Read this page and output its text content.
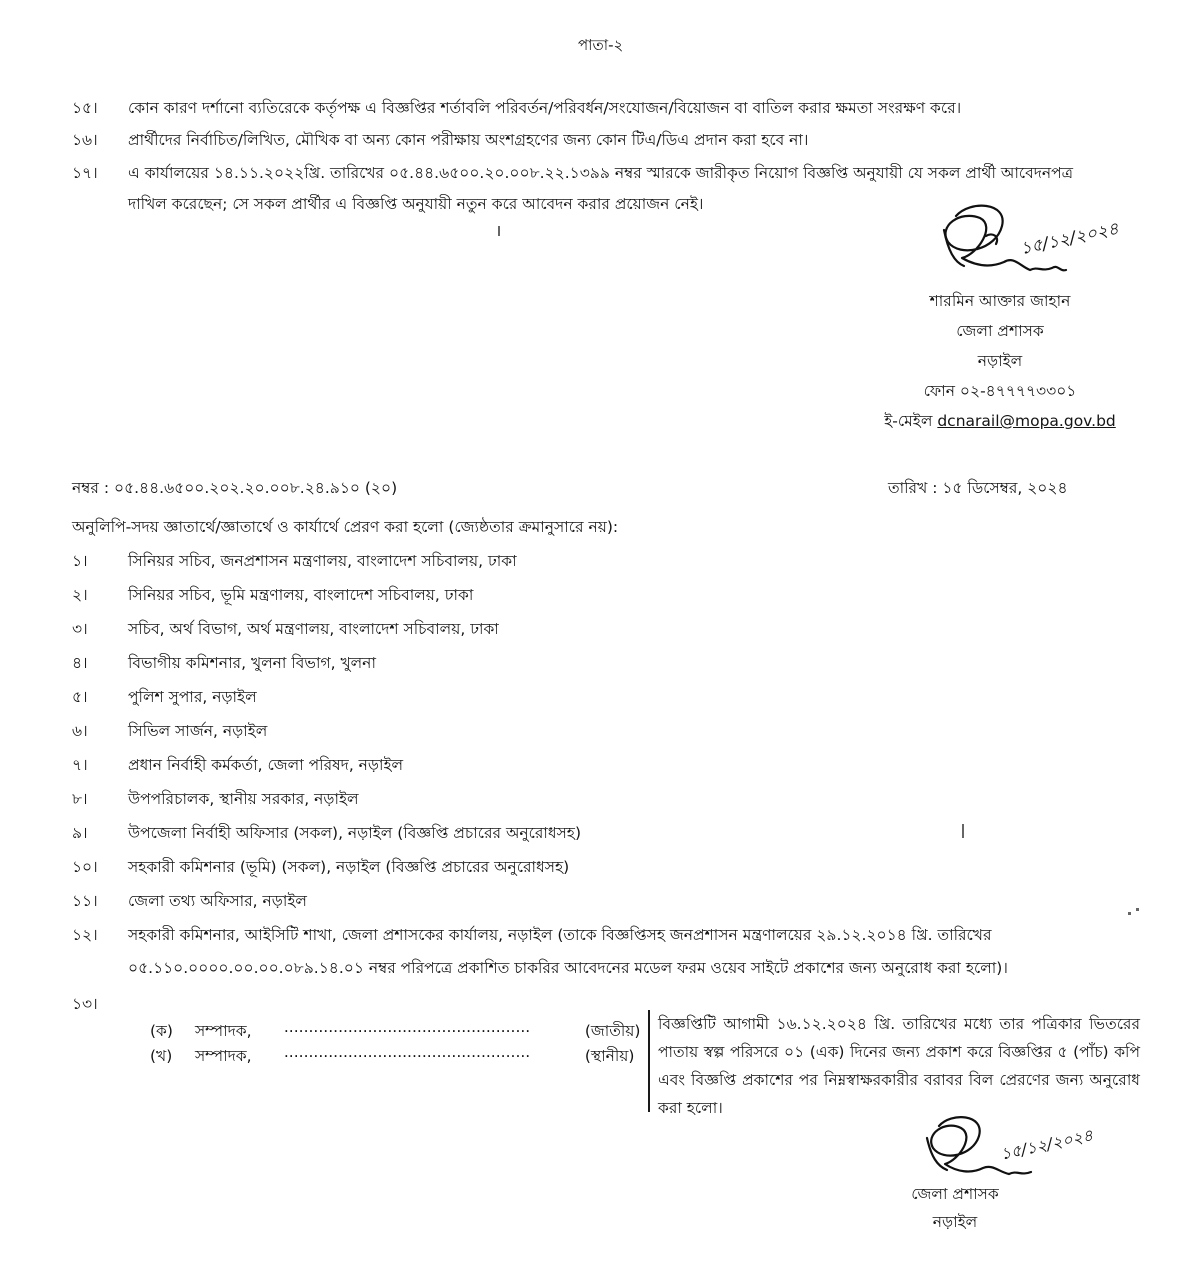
পাতা-২
১৫। কোন কারণ দর্শানো ব্যতিরেকে কর্তৃপক্ষ এ বিজ্ঞপ্তির শর্তাবলি পরিবর্তন/পরিবর্ধন/সংযোজন/বিয়োজন বা বাতিল করার ক্ষমতা সংরক্ষণ করে।
১৬। প্রার্থীদের নির্বাচিত/লিখিত, মৌখিক বা অন্য কোন পরীক্ষায় অংশগ্রহণের জন্য কোন টিএ/ডিএ প্রদান করা হবে না।
১৭। এ কার্যালয়ের ১৪.১১.২০২২খ্রি. তারিখের ০৫.৪৪.৬৫০০.২০.০০৮.২২.১৩৯৯ নম্বর স্মারকে জারীকৃত নিয়োগ বিজ্ঞপ্তি অনুযায়ী যে সকল প্রার্থী আবেদনপত্র
দাখিল করেছেন; সে সকল প্রার্থীর এ বিজ্ঞপ্তি অনুযায়ী নতুন করে আবেদন করার প্রয়োজন নেই।
১৫/১২/২০২৪
শারমিন আক্তার জাহান
জেলা প্রশাসক
নড়াইল
ফোন ০২-৪৭৭৭৭৩৩০১
ই-মেইল dcnarail@mopa.gov.bd
নম্বর : ০৫.৪৪.৬৫০০.২০২.২০.০০৮.২৪.৯১০ (২০)	তারিখ : ১৫ ডিসেম্বর, ২০২৪
অনুলিপি-সদয় জ্ঞাতার্থে/জ্ঞাতার্থে ও কার্যার্থে প্রেরণ করা হলো (জ্যেষ্ঠতার ক্রমানুসারে নয়):
১।	সিনিয়র সচিব, জনপ্রশাসন মন্ত্রণালয়, বাংলাদেশ সচিবালয়, ঢাকা
২।	সিনিয়র সচিব, ভূমি মন্ত্রণালয়, বাংলাদেশ সচিবালয়, ঢাকা
৩।	সচিব, অর্থ বিভাগ, অর্থ মন্ত্রণালয়, বাংলাদেশ সচিবালয়, ঢাকা
৪।	বিভাগীয় কমিশনার, খুলনা বিভাগ, খুলনা
৫।	পুলিশ সুপার, নড়াইল
৬।	সিভিল সার্জন, নড়াইল
৭।	প্রধান নির্বাহী কর্মকর্তা, জেলা পরিষদ, নড়াইল
৮।	উপপরিচালক, স্থানীয় সরকার, নড়াইল
৯।	উপজেলা নির্বাহী অফিসার (সকল), নড়াইল (বিজ্ঞপ্তি প্রচারের অনুরোধসহ)
১০। সহকারী কমিশনার (ভূমি) (সকল), নড়াইল (বিজ্ঞপ্তি প্রচারের অনুরোধসহ)
১১। জেলা তথ্য অফিসার, নড়াইল
১২। সহকারী কমিশনার, আইসিটি শাখা, জেলা প্রশাসকের কার্যালয়, নড়াইল (তাকে বিজ্ঞপ্তিসহ জনপ্রশাসন মন্ত্রণালয়ের ২৯.১২.২০১৪ খ্রি. তারিখের
০৫.১১০.০০০০.০০.০০.০৮৯.১৪.০১ নম্বর পরিপত্রে প্রকাশিত চাকরির আবেদনের মডেল ফরম ওয়েব সাইটে প্রকাশের জন্য অনুরোধ করা হলো)।
১৩।
(ক) সম্পাদক, ..................................................	(জাতীয়)
(খ) সম্পাদক, ..................................................	(স্থানীয়)
বিজ্ঞপ্তিটি আগামী ১৬.১২.২০২৪ খ্রি. তারিখের মধ্যে তার পত্রিকার ভিতরের পাতায় স্বল্প পরিসরে ০১ (এক) দিনের জন্য প্রকাশ করে বিজ্ঞপ্তির ৫ (পাঁচ) কপি এবং বিজ্ঞপ্তি প্রকাশের পর নিম্নস্বাক্ষরকারীর বরাবর বিল প্রেরণের জন্য অনুরোধ করা হলো।
১৫/১২/২০২৪
জেলা প্রশাসক
নড়াইল
